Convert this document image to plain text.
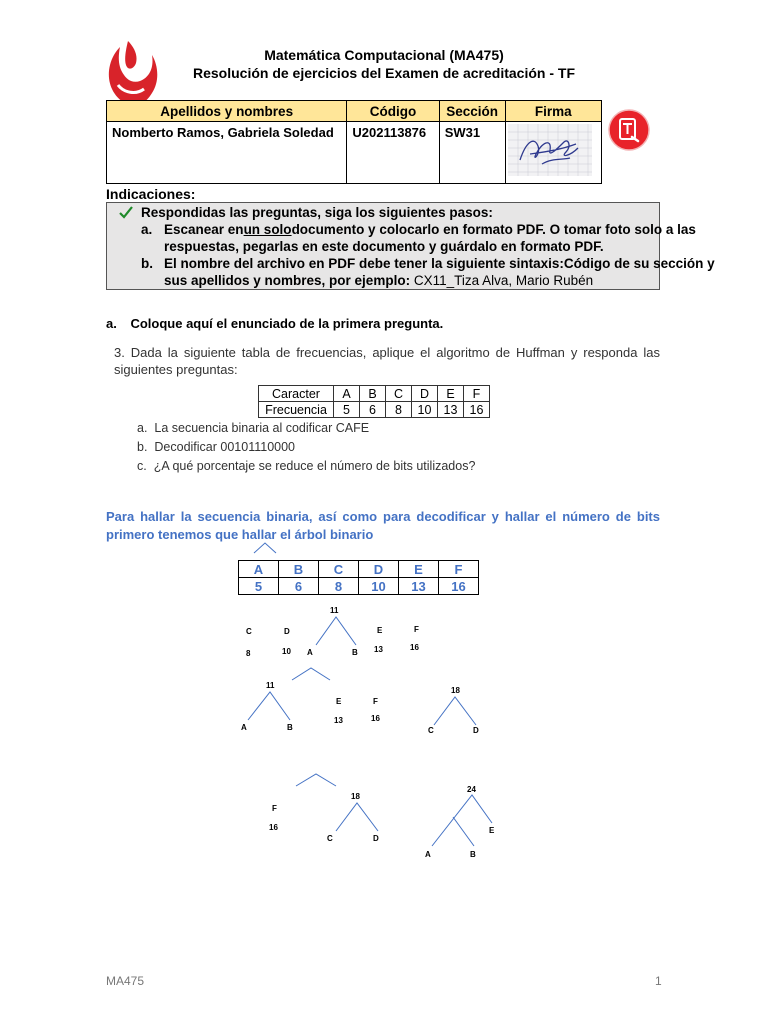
Matemática Computacional (MA475)
Resolución de ejercicios del Examen de acreditación - TF
Apellidos y nombres	Código	Sección	Firma
Nomberto Ramos, Gabriela Soledad	U202113876	SW31	
Indicaciones:
Respondidas las preguntas, siga los siguientes pasos:
a. Escanear en un solo documento y colocarlo en formato PDF. O tomar foto solo a las
respuestas, pegarlas en este documento y guárdalo en formato PDF.
b. El nombre del archivo en PDF debe tener la siguiente sintaxis: Código de su sección y
sus apellidos y nombres, por ejemplo: CX11_Tiza Alva, Mario Rubén
a. Coloque aquí el enunciado de la primera pregunta.
3. Dada la siguiente tabla de frecuencias, aplique el algoritmo de Huffman y responda las siguientes preguntas:
Caracter	A	B	C	D	E	F
Frecuencia	5	6	8	10	13	16
a. La secuencia binaria al codificar CAFE
b. Decodificar 00101110000
c. ¿A qué porcentaje se reduce el número de bits utilizados?
Para hallar la secuencia binaria, así como para decodificar y hallar el número de bits primero tenemos que hallar el árbol binario
A	B	C	D	E	F
5	6	8	10	13	16
11
C	D
8	10 A	B
E	F
13	16
11
A	B
E	F
13	16
18
C	D
F
16
18
C	D
24
E
A	B
MA475	1
